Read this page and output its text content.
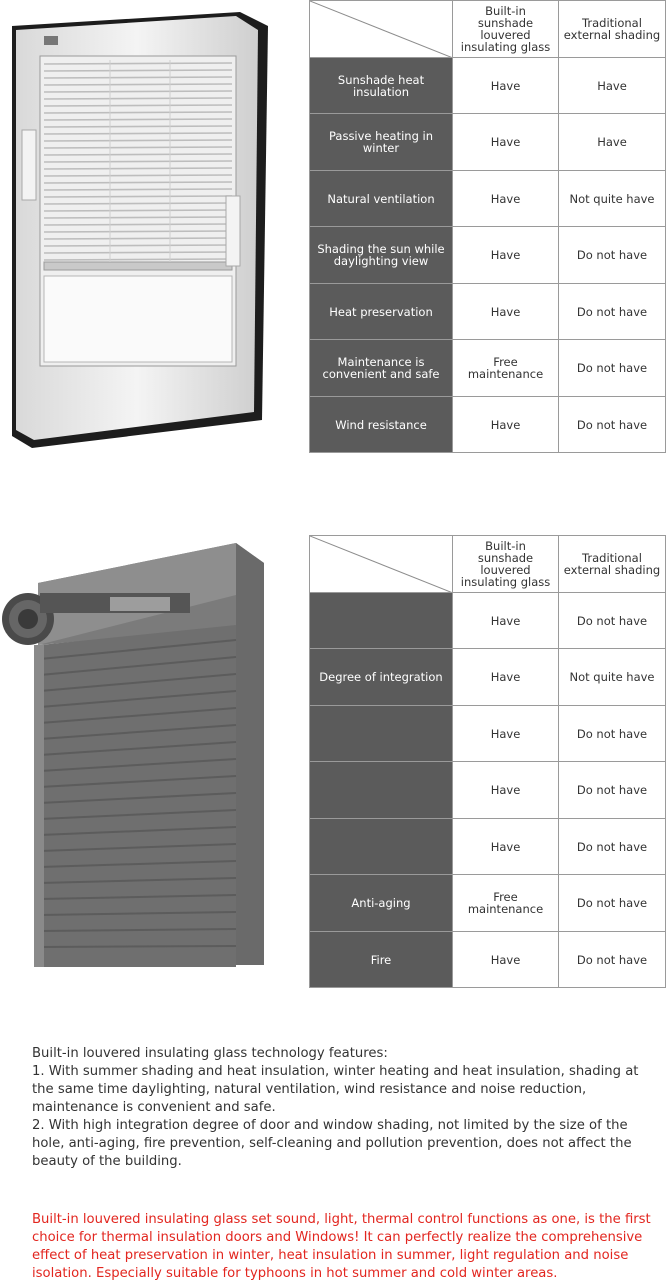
	Built-in sunshade louvered insulating glass	Traditional external shading
Sunshade heat insulation	Have	Have
Passive heating in winter	Have	Have
Natural ventilation	Have	Not quite have
Shading the sun while daylighting view	Have	Do not have
Heat preservation	Have	Do not have
Maintenance is convenient and safe	Free maintenance	Do not have
Wind resistance	Have	Do not have
	Built-in sunshade louvered insulating glass	Traditional external shading
	Have	Do not have
Degree of integration	Have	Not quite have
	Have	Do not have
	Have	Do not have
	Have	Do not have
Anti-aging	Free maintenance	Do not have
Fire	Have	Do not have

Built-in louvered insulating glass technology features:

1. With summer shading and heat insulation, winter heating and heat insulation, shading at the same time daylighting, natural ventilation, wind resistance and noise reduction, maintenance is convenient and safe.

2. With high integration degree of door and window shading, not limited by the size of the hole, anti-aging, fire prevention, self-cleaning and pollution prevention, does not affect the beauty of the building.

Built-in louvered insulating glass set sound, light, thermal control functions as one, is the first choice for thermal insulation doors and Windows! It can perfectly realize the comprehensive effect of heat preservation in winter, heat insulation in summer, light regulation and noise isolation. Especially suitable for typhoons in hot summer and cold winter areas.
